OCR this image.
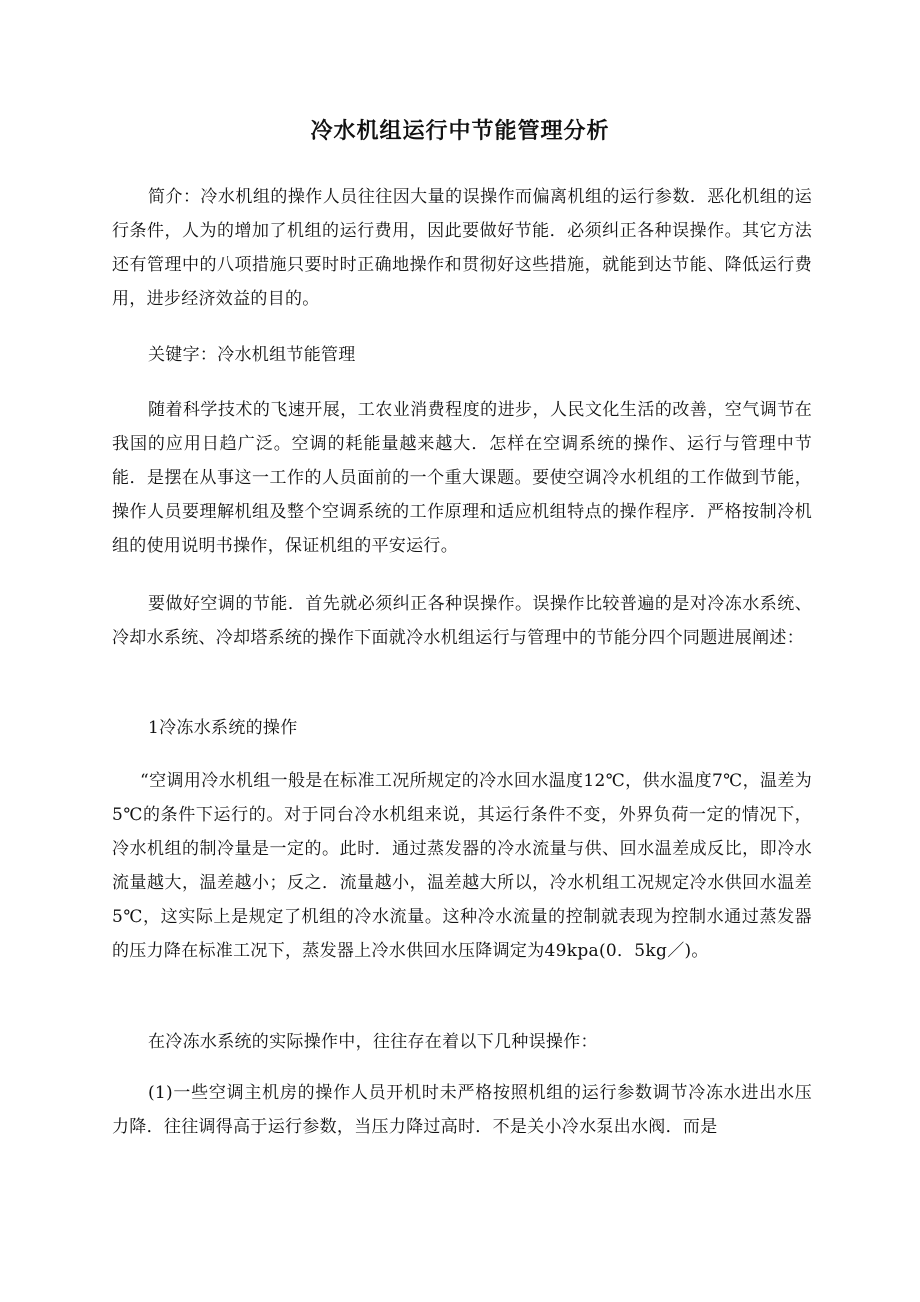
冷水机组运行中节能管理分析

简介：冷水机组的操作人员往往因大量的误操作而偏离机组的运行参数．恶化机组的运行条件，人为的增加了机组的运行费用，因此要做好节能．必须纠正各种误操作。其它方法还有管理中的八项措施只要时时正确地操作和贯彻好这些措施，就能到达节能、降低运行费用，进步经济效益的目的。

关键字：冷水机组节能管理

随着科学技术的飞速开展，工农业消费程度的进步，人民文化生活的改善，空气调节在我国的应用日趋广泛。空调的耗能量越来越大．怎样在空调系统的操作、运行与管理中节能．是摆在从事这一工作的人员面前的一个重大课题。要使空调冷水机组的工作做到节能，操作人员要理解机组及整个空调系统的工作原理和适应机组特点的操作程序．严格按制冷机组的使用说明书操作，保证机组的平安运行。

要做好空调的节能．首先就必须纠正各种误操作。误操作比较普遍的是对冷冻水系统、冷却水系统、冷却塔系统的操作下面就冷水机组运行与管理中的节能分四个同题进展阐述：

1冷冻水系统的操作

“空调用冷水机组一般是在标准工况所规定的冷水回水温度12℃，供水温度7℃，温差为5℃的条件下运行的。对于同台冷水机组来说，其运行条件不变，外界负荷一定的情况下，冷水机组的制冷量是一定的。此时．通过蒸发器的冷水流量与供、回水温差成反比，即冷水流量越大，温差越小；反之．流量越小，温差越大所以，冷水机组工况规定冷水供回水温差5℃，这实际上是规定了机组的冷水流量。这种冷水流量的控制就表现为控制水通过蒸发器的压力降在标准工况下，蒸发器上冷水供回水压降调定为49kpa(0．5kg／)。

在冷冻水系统的实际操作中，往往存在着以下几种误操作：

(1)一些空调主机房的操作人员开机时未严格按照机组的运行参数调节冷冻水进出水压力降．往往调得高于运行参数，当压力降过高时．不是关小冷水泵出水阀．而是
